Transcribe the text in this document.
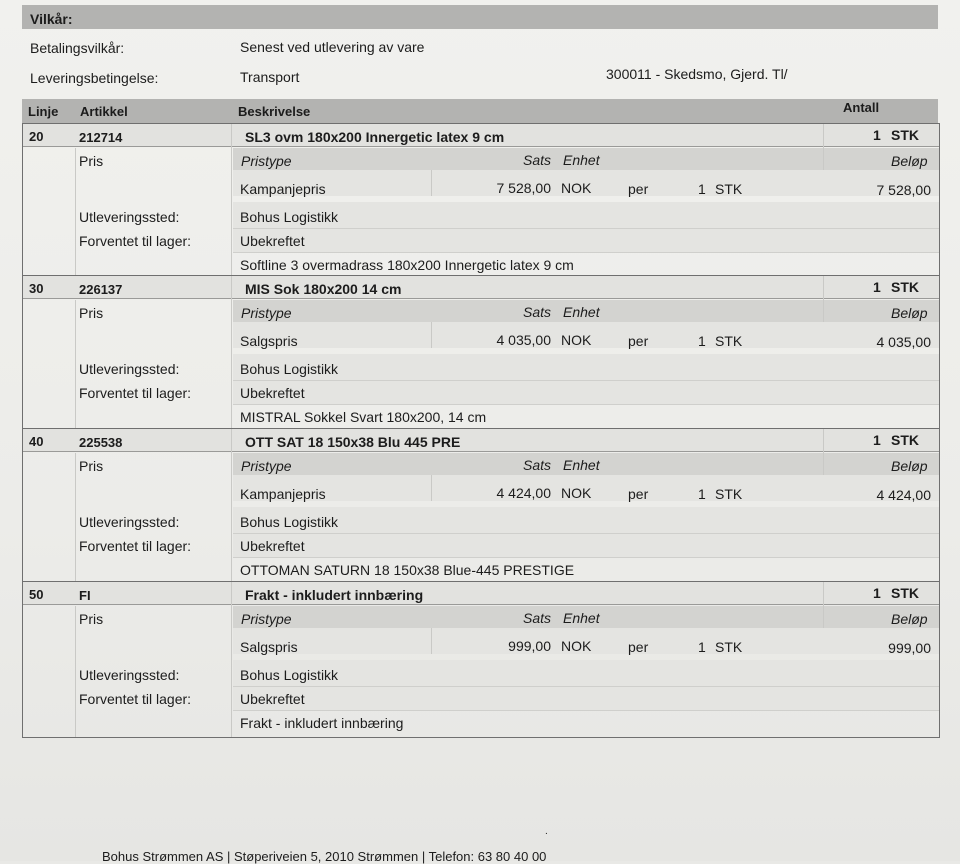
Vilkår:
Betalingsvilkår:	Senest ved utlevering av vare
Leveringsbetingelse:	Transport	300011 - Skedsmo, Gjerd. Tl/
Linje Artikkel	Beskrivelse	Antall
20	212714	SL3 ovm 180x200 Innergetic latex 9 cm	1 STK
Pris	Pristype	Sats Enhet	Beløp
Kampanjepris	7 528,00 NOK	per	1 STK	7 528,00
Utleveringssted:	Bohus Logistikk
Forventet til lager:	Ubekreftet
Softline 3 overmadrass 180x200 Innergetic latex 9 cm
30	226137	MIS Sok 180x200 14 cm	1 STK
Pris	Pristype	Sats Enhet	Beløp
Salgspris	4 035,00 NOK	per	1 STK	4 035,00
Utleveringssted:	Bohus Logistikk
Forventet til lager:	Ubekreftet
MISTRAL Sokkel Svart 180x200, 14 cm
40	225538	OTT SAT 18 150x38 Blu 445 PRE	1 STK
Pris	Pristype	Sats Enhet	Beløp
Kampanjepris	4 424,00 NOK	per	1 STK	4 424,00
Utleveringssted:	Bohus Logistikk
Forventet til lager:	Ubekreftet
OTTOMAN SATURN 18 150x38 Blue-445 PRESTIGE
50	FI	Frakt - inkludert innbæring	1 STK
Pris	Pristype	Sats Enhet	Beløp
Salgspris	999,00 NOK	per	1 STK	999,00
Utleveringssted:	Bohus Logistikk
Forventet til lager:	Ubekreftet
Frakt - inkludert innbæring
.
Bohus Strømmen AS | Støperiveien 5, 2010 Strømmen | Telefon: 63 80 40 00
